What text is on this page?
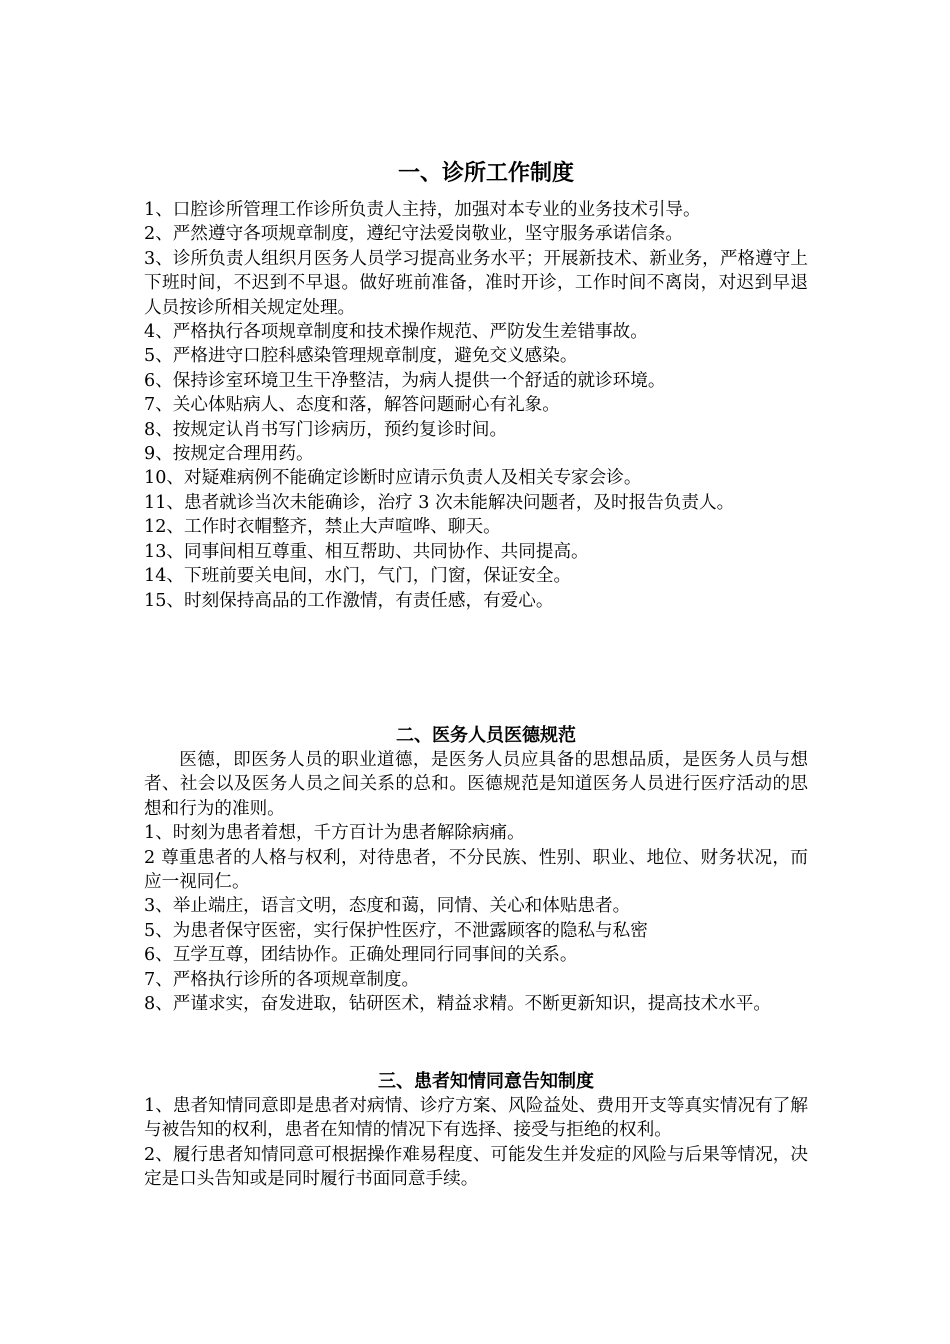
一、诊所工作制度

1、口腔诊所管理工作诊所负责人主持，加强对本专业的业务技术引导。

2、严然遵守各项规章制度，遵纪守法爱岗敬业，坚守服务承诺信条。

3、诊所负责人组织月医务人员学习提高业务水平；开展新技术、新业务，严格遵守上下班时间，不迟到不早退。做好班前准备，准时开诊，工作时间不离岗，对迟到早退人员按诊所相关规定处理。

4、严格执行各项规章制度和技术操作规范、严防发生差错事故。

5、严格进守口腔科感染管理规章制度，避免交义感染。

6、保持诊室环境卫生干净整洁，为病人提供一个舒适的就诊环境。

7、关心体贴病人、态度和落，解答问题耐心有礼象。

8、按规定认肖书写门诊病历，预约复诊时间。

9、按规定合理用药。

10、对疑难病例不能确定诊断时应请示负责人及相关专家会诊。

11、患者就诊当次未能确诊，治疗 3 次未能解决问题者，及时报告负责人。

12、工作时衣帽整齐，禁止大声喧哗、聊天。

13、同事间相互尊重、相互帮助、共同协作、共同提高。

14、下班前要关电间，水门，气门，门窗，保证安全。

15、时刻保持高品的工作激情，有责任感，有爱心。

二、医务人员医德规范

医德，即医务人员的职业道德，是医务人员应具备的思想品质，是医务人员与想者、社会以及医务人员之间关系的总和。医德规范是知道医务人员进行医疗活动的思想和行为的准则。

1、时刻为患者着想，千方百计为患者解除病痛。

2 尊重患者的人格与权利，对待患者，不分民族、性别、职业、地位、财务状况，而应一视同仁。

3、举止端庄，语言文明，态度和蔼，同情、关心和体贴患者。

5、为患者保守医密，实行保护性医疗，不泄露顾客的隐私与私密

6、互学互尊，团结协作。正确处理同行同事间的关系。

7、严格执行诊所的各项规章制度。

8、严谨求实，奋发进取，钻研医术，精益求精。不断更新知识，提高技术水平。

三、患者知情同意告知制度

1、患者知情同意即是患者对病情、诊疗方案、风险益处、费用开支等真实情况有了解与被告知的权利，患者在知情的情况下有选择、接受与拒绝的权利。

2、履行患者知情同意可根据操作难易程度、可能发生并发症的风险与后果等情况，决定是口头告知或是同时履行书面同意手续。
